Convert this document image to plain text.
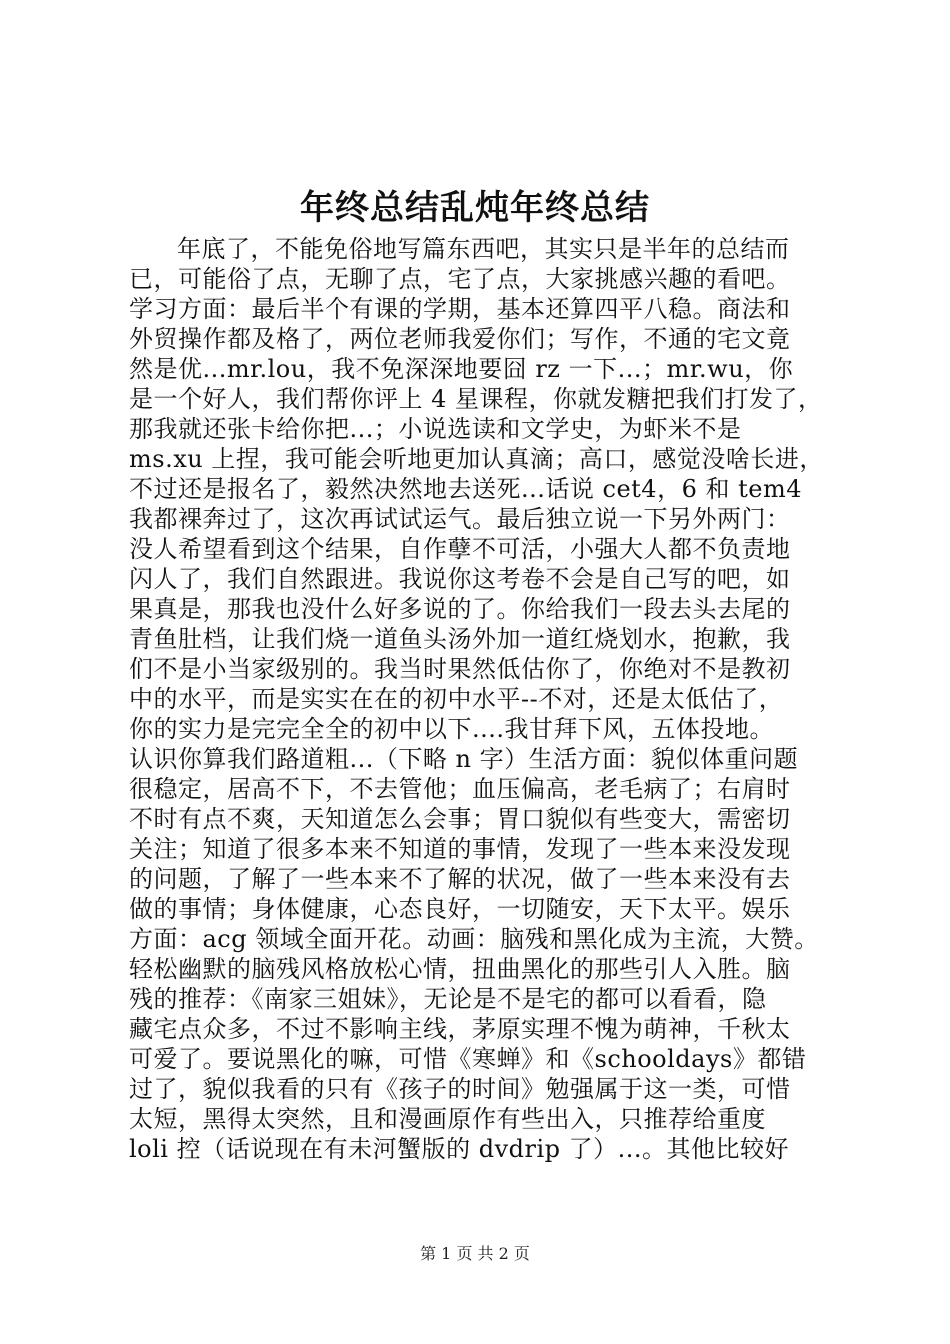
年终总结乱炖年终总结
年底了，不能免俗地写篇东西吧，其实只是半年的总结而
已，可能俗了点，无聊了点，宅了点，大家挑感兴趣的看吧。
学习方面：最后半个有课的学期，基本还算四平八稳。商法和
外贸操作都及格了，两位老师我爱你们；写作，不通的宅文竟
然是优...mr.lou，我不免深深地要囧 rz 一下...；mr.wu，你
是一个好人，我们帮你评上 4 星课程，你就发糖把我们打发了，
那我就还张卡给你把...；小说选读和文学史，为虾米不是
ms.xu 上捏，我可能会听地更加认真滴；高口，感觉没啥长进，
不过还是报名了，毅然决然地去送死...话说 cet4，6 和 tem4
我都裸奔过了，这次再试试运气。最后独立说一下另外两门：
没人希望看到这个结果，自作孽不可活，小强大人都不负责地
闪人了，我们自然跟进。我说你这考卷不会是自己写的吧，如
果真是，那我也没什么好多说的了。你给我们一段去头去尾的
青鱼肚档，让我们烧一道鱼头汤外加一道红烧划水，抱歉，我
们不是小当家级别的。我当时果然低估你了，你绝对不是教初
中的水平，而是实实在在的初中水平--不对，还是太低估了，
你的实力是完完全全的初中以下....我甘拜下风，五体投地。
认识你算我们路道粗...（下略 n 字）生活方面：貌似体重问题
很稳定，居高不下，不去管他；血压偏高，老毛病了；右肩时
不时有点不爽，天知道怎么会事；胃口貌似有些变大，需密切
关注；知道了很多本来不知道的事情，发现了一些本来没发现
的问题，了解了一些本来不了解的状况，做了一些本来没有去
做的事情；身体健康，心态良好，一切随安，天下太平。娱乐
方面：acg 领域全面开花。动画：脑残和黑化成为主流，大赞。
轻松幽默的脑残风格放松心情，扭曲黑化的那些引人入胜。脑
残的推荐：《南家三姐妹》，无论是不是宅的都可以看看，隐
藏宅点众多，不过不影响主线，茅原实理不愧为萌神，千秋太
可爱了。要说黑化的嘛，可惜《寒蝉》和《schooldays》都错
过了，貌似我看的只有《孩子的时间》勉强属于这一类，可惜
太短，黑得太突然，且和漫画原作有些出入，只推荐给重度
loli 控（话说现在有未河蟹版的 dvdrip 了）...。其他比较好
第 1 页 共 2 页
